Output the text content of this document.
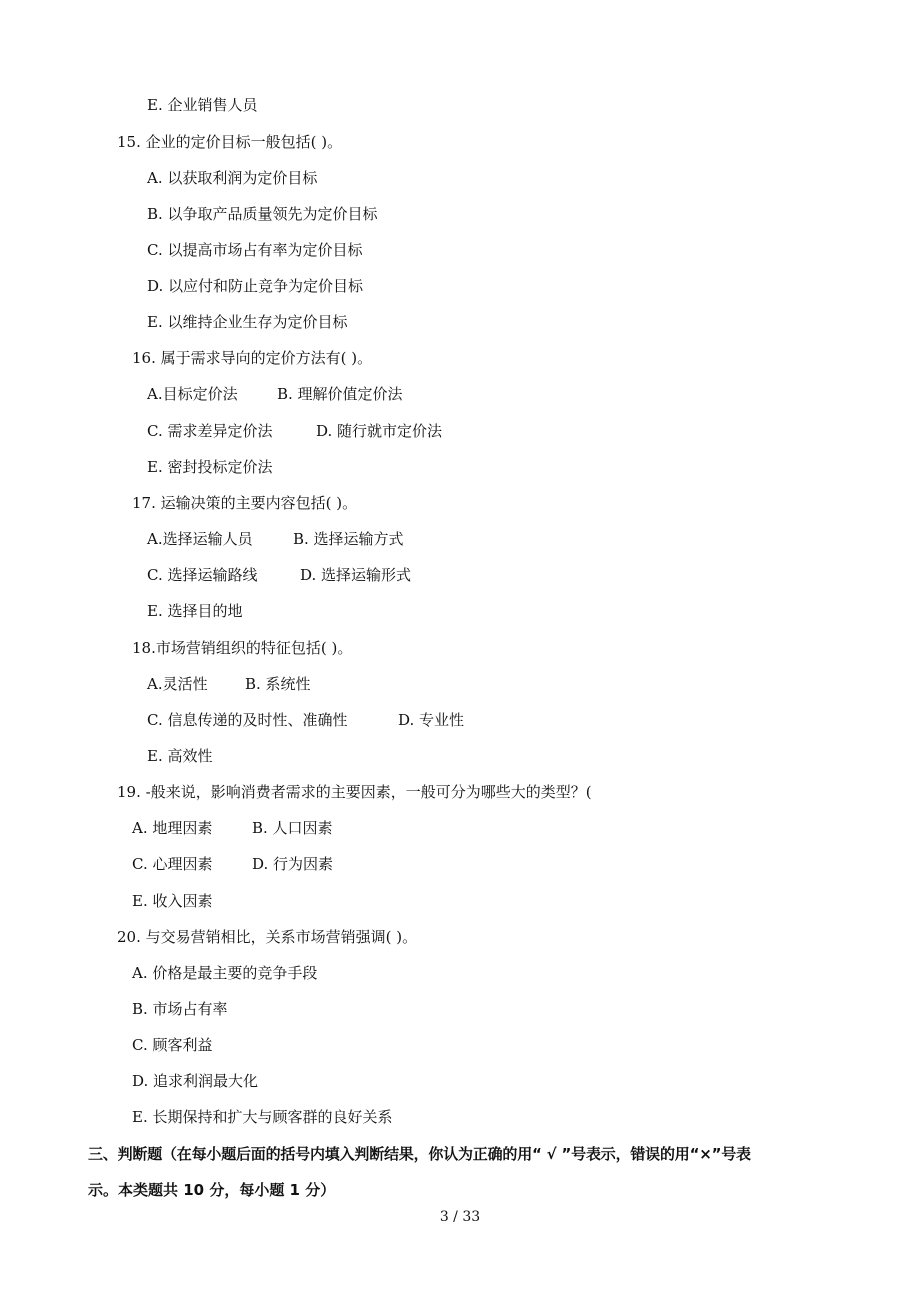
E. 企业销售人员
15. 企业的定价目标一般包括( )。
A. 以获取利润为定价目标
B. 以争取产品质量领先为定价目标
C. 以提高市场占有率为定价目标
D. 以应付和防止竞争为定价目标
E. 以维持企业生存为定价目标
16. 属于需求导向的定价方法有( )。
A.目标定价法	B. 理解价值定价法
C. 需求差异定价法	D. 随行就市定价法
E. 密封投标定价法
17. 运输决策的主要内容包括( )。
A.选择运输人员	B. 选择运输方式
C. 选择运输路线	D. 选择运输形式
E. 选择目的地
18.市场营销组织的特征包括( )。
A.灵活性 B. 系统性
C. 信息传递的及时性、准确性	D. 专业性
E. 高效性
19. -般来说，影响消费者需求的主要因素，一般可分为哪些大的类型？(
A. 地理因素	B. 人口因素
C. 心理因素	D. 行为因素
E. 收入因素
20. 与交易营销相比，关系市场营销强调( )。
A. 价格是最主要的竞争手段
B. 市场占有率
C. 顾客利益
D. 追求利润最大化
E. 长期保持和扩大与顾客群的良好关系
三、判断题（在每小题后面的括号内填入判断结果，你认为正确的用“ √ ”号表示，错误的用“×”号表
示。本类题共 10 分，每小题 1 分）
3 / 33
